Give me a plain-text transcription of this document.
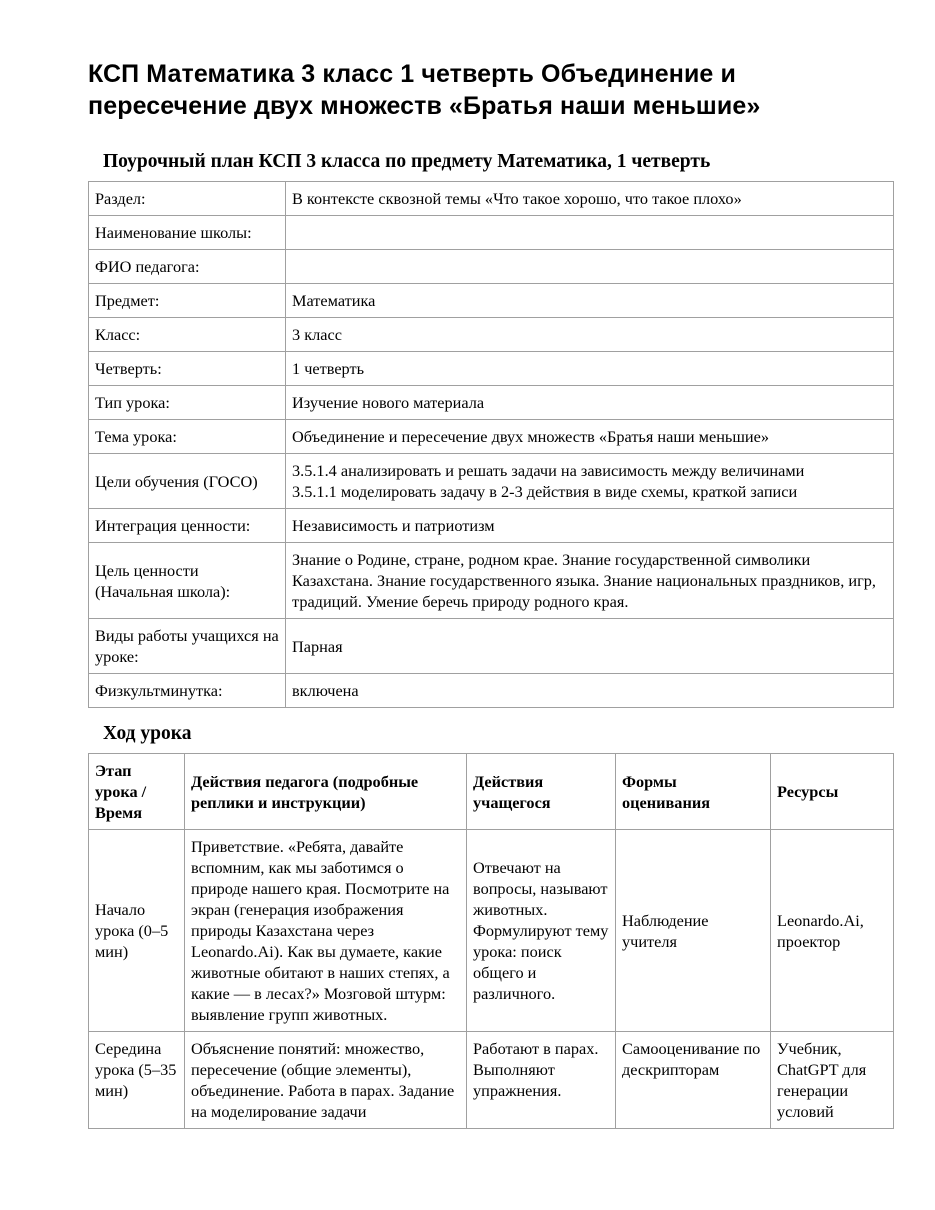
КСП Математика 3 класс 1 четверть Объединение и пересечение двух множеств «Братья наши меньшие»
Поурочный план КСП 3 класса по предмету Математика, 1 четверть
Раздел:	В контексте сквозной темы «Что такое хорошо, что такое плохо»
Наименование школы:	
ФИО педагога:	
Предмет:	Математика
Класс:	3 класс
Четверть:	1 четверть
Тип урока:	Изучение нового материала
Тема урока:	Объединение и пересечение двух множеств «Братья наши меньшие»
Цели обучения (ГОСО)	3.5.1.4 анализировать и решать задачи на зависимость между величинами
3.5.1.1 моделировать задачу в 2-3 действия в виде схемы, краткой записи
Интеграция ценности:	Независимость и патриотизм
Цель ценности (Начальная школа):	Знание о Родине, стране, родном крае. Знание государственной символики Казахстана. Знание государственного языка. Знание национальных праздников, игр, традиций. Умение беречь природу родного края.
Виды работы учащихся на уроке:	Парная
Физкультминутка:	включена
Ход урока
Этап урока / Время	Действия педагога (подробные реплики и инструкции)	Действия учащегося	Формы оценивания	Ресурсы
Начало урока (0–5 мин)	Приветствие. «Ребята, давайте вспомним, как мы заботимся о природе нашего края. Посмотрите на экран (генерация изображения природы Казахстана через Leonardo.Ai). Как вы думаете, какие животные обитают в наших степях, а какие — в лесах?» Мозговой штурм: выявление групп животных.	Отвечают на вопросы, называют животных. Формулируют тему урока: поиск общего и различного.	Наблюдение учителя	Leonardo.Ai, проектор
Середина урока (5–35 мин)	Объяснение понятий: множество, пересечение (общие элементы), объединение. Работа в парах. Задание на моделирование задачи	Работают в парах. Выполняют упражнения.	Самооценивание по дескрипторам	Учебник, ChatGPT для генерации условий
